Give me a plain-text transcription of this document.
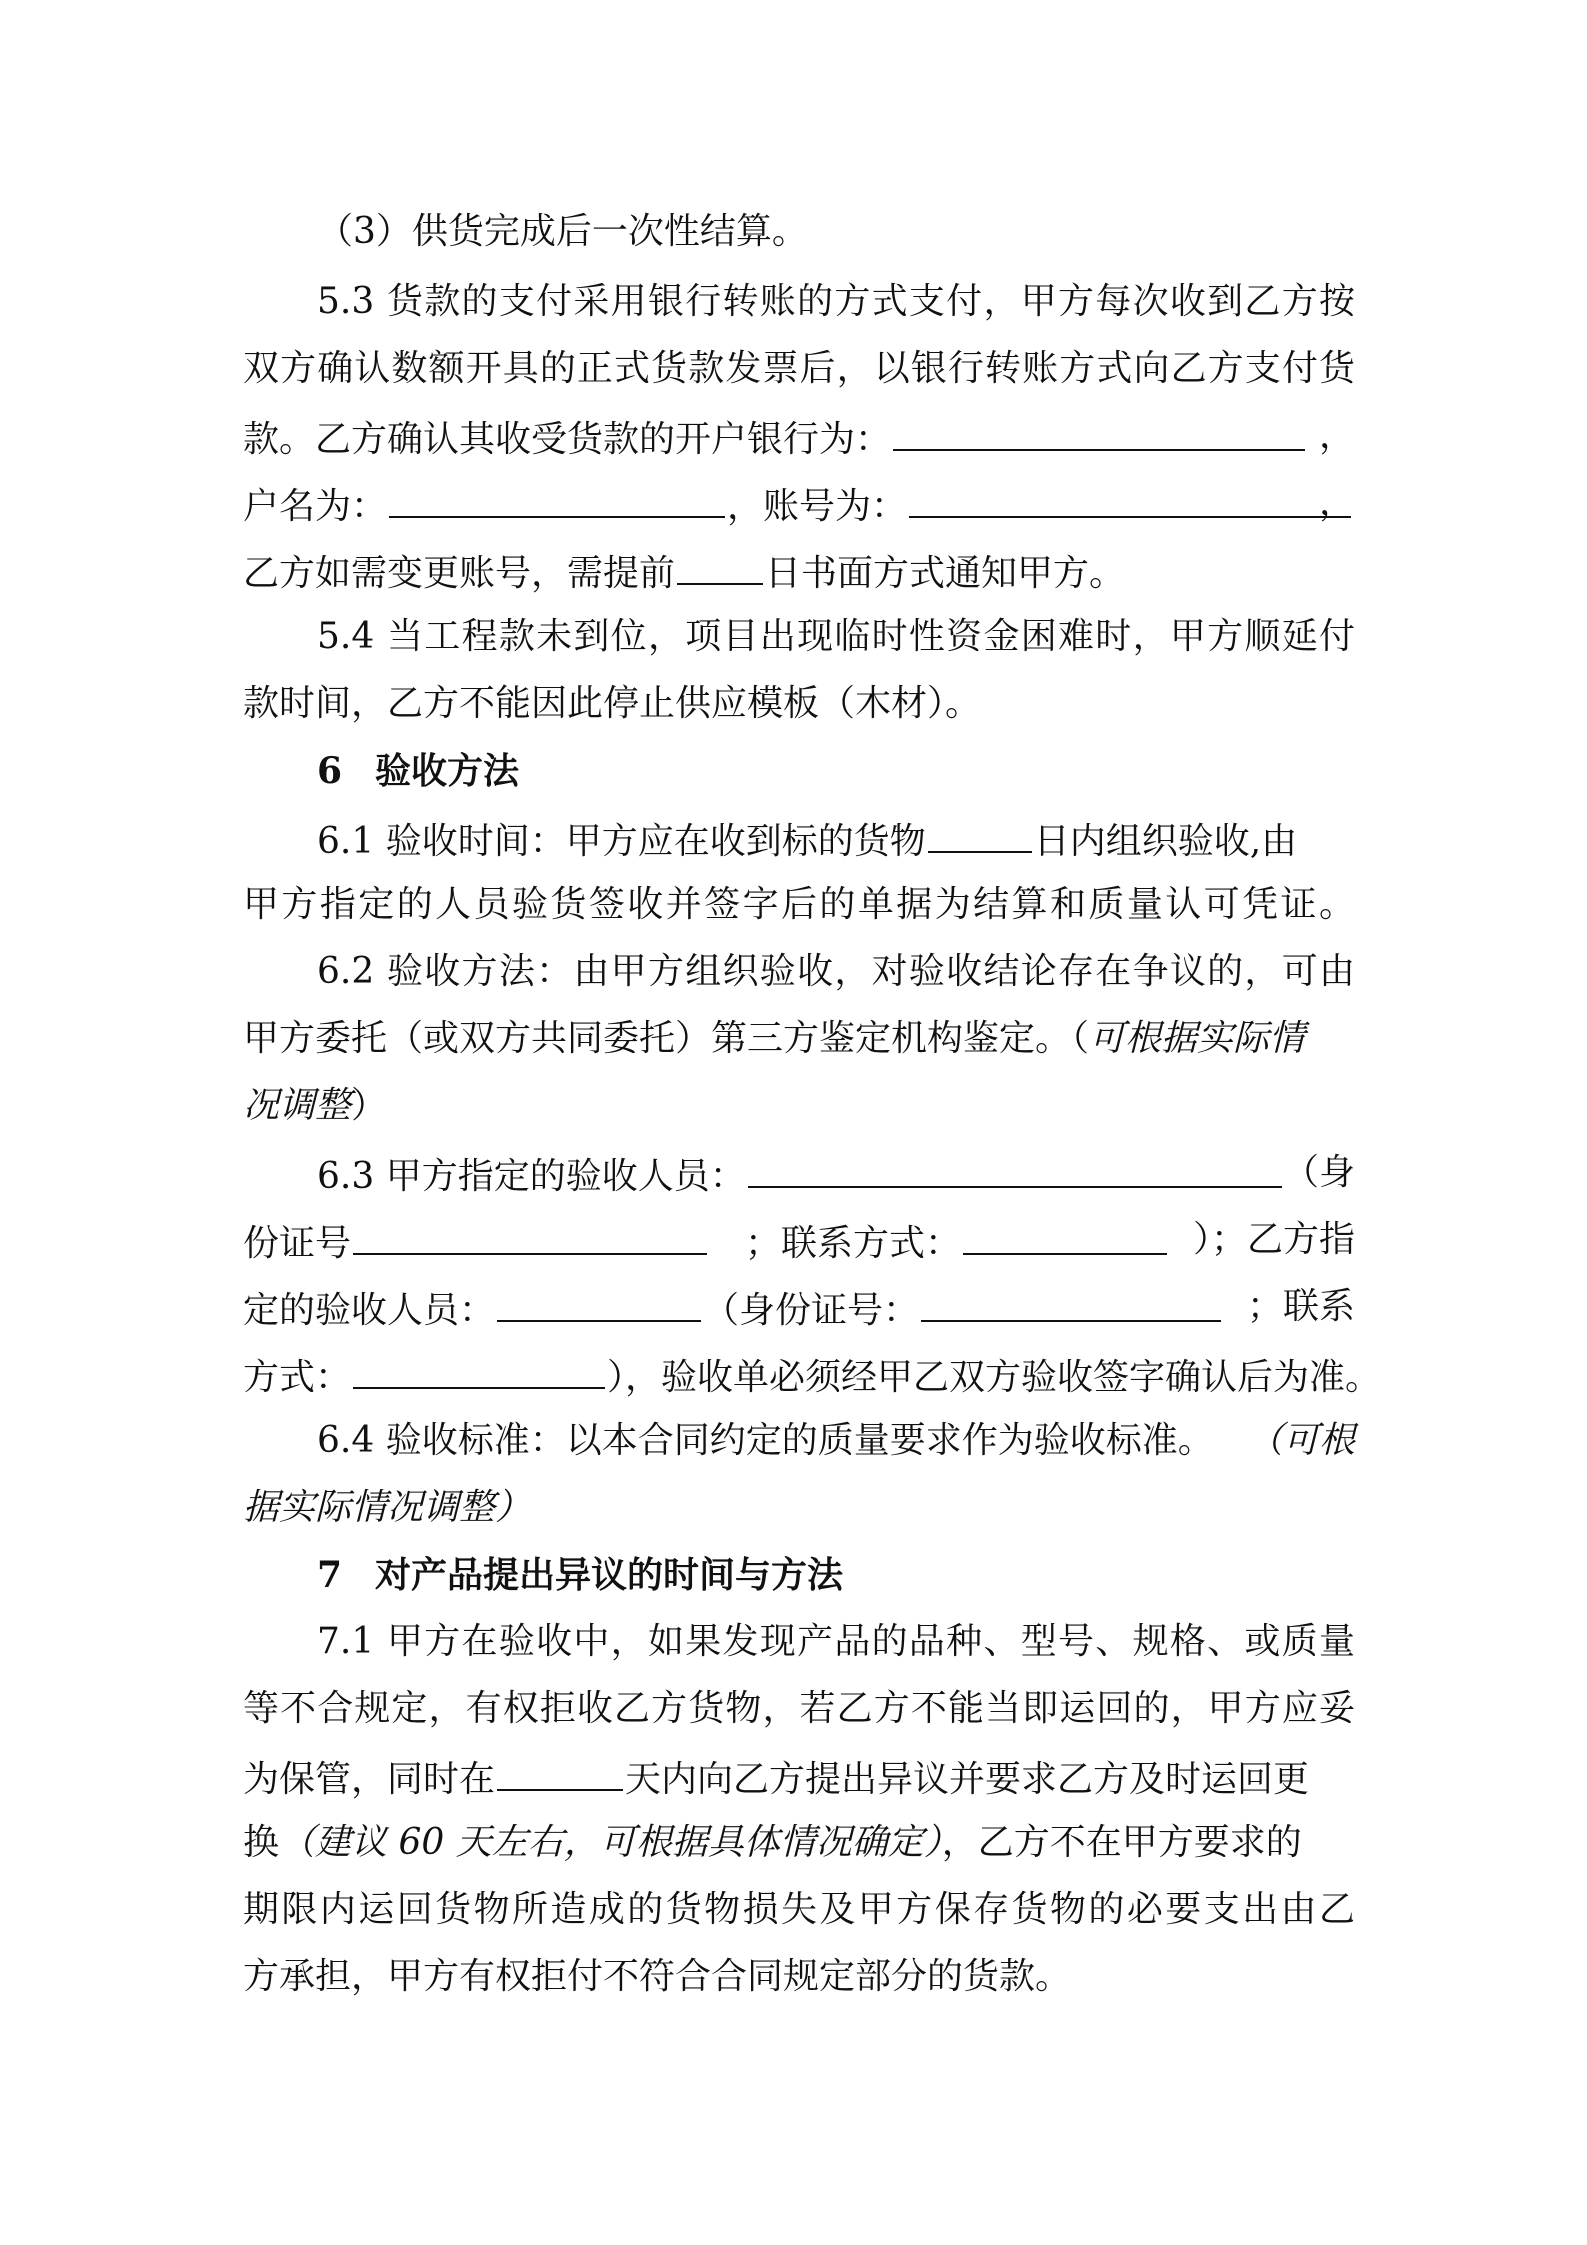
（3）供货完成后一次性结算。
5.3 货款的支付采用银行转账的方式支付，甲方每次收到乙方按
双方确认数额开具的正式货款发票后，以银行转账方式向乙方支付货
款。乙方确认其收受货款的开户银行为：	，
户名为：	，账号为：	，
乙方如需变更账号，需提前	日书面方式通知甲方。
5.4 当工程款未到位，项目出现临时性资金困难时，甲方顺延付
款时间，乙方不能因此停止供应模板（木材）。
6 验收方法
6.1 验收时间：甲方应在收到标的货物	日内组织验收,由
甲方指定的人员验货签收并签字后的单据为结算和质量认可凭证。
6.2 验收方法：由甲方组织验收，对验收结论存在争议的，可由
甲方委托（或双方共同委托）第三方鉴定机构鉴定。（可根据实际情
况调整）
6.3 甲方指定的验收人员：	（身
份证号	；联系方式：	）；乙方指
定的验收人员：	（身份证号：	；联系
方式：	），验收单必须经甲乙双方验收签字确认后为准。
6.4 验收标准：以本合同约定的质量要求作为验收标准。 （可根
据实际情况调整）
7 对产品提出异议的时间与方法
7.1 甲方在验收中，如果发现产品的品种、型号、规格、或质量
等不合规定，有权拒收乙方货物，若乙方不能当即运回的，甲方应妥
为保管，同时在	天内向乙方提出异议并要求乙方及时运回更
换（建议 60 天左右，可根据具体情况确定），乙方不在甲方要求的
期限内运回货物所造成的货物损失及甲方保存货物的必要支出由乙
方承担，甲方有权拒付不符合合同规定部分的货款。
